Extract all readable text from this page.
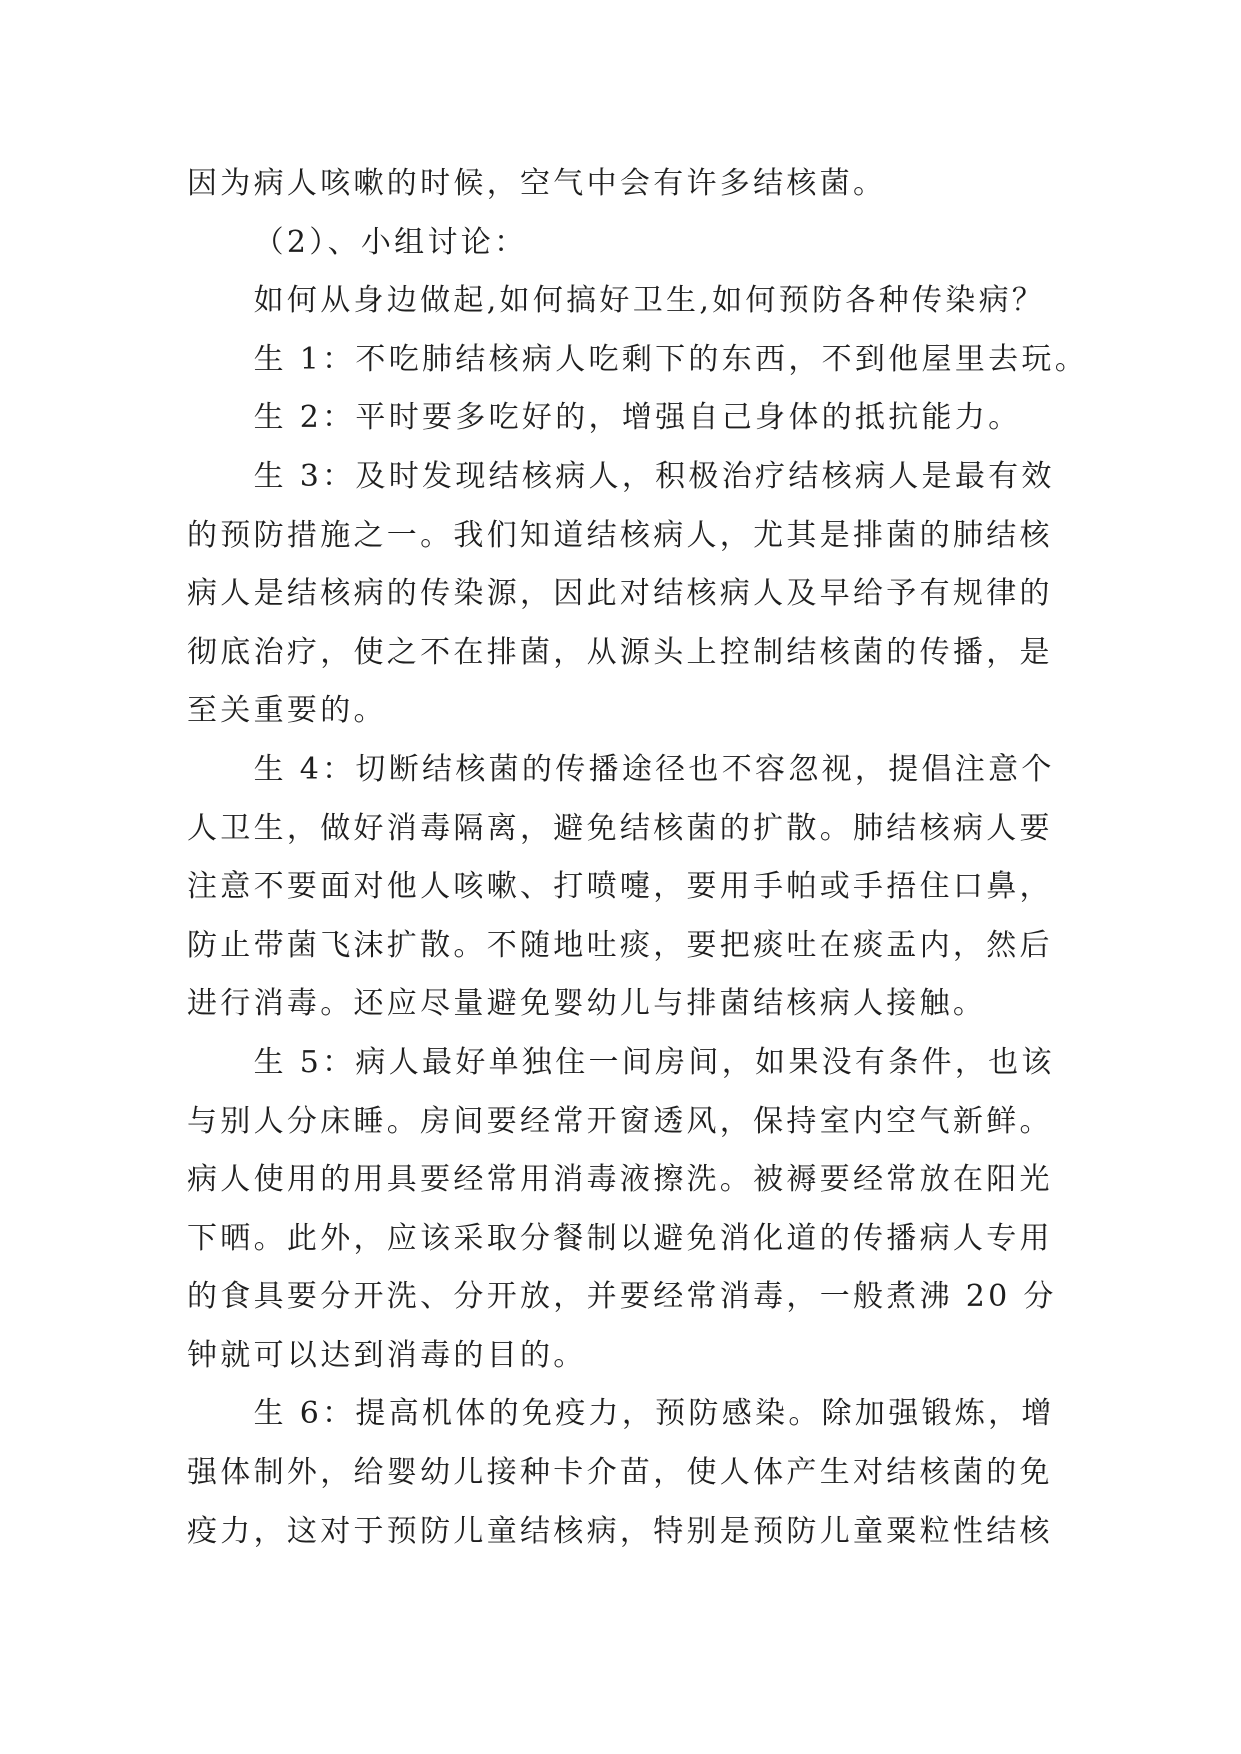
因为病人咳嗽的时候，空气中会有许多结核菌。
（2）、小组讨论：
如何从身边做起,如何搞好卫生,如何预防各种传染病？
生 1：不吃肺结核病人吃剩下的东西，不到他屋里去玩。
生 2：平时要多吃好的，增强自己身体的抵抗能力。
生 3：及时发现结核病人，积极治疗结核病人是最有效
的预防措施之一。我们知道结核病人，尤其是排菌的肺结核
病人是结核病的传染源，因此对结核病人及早给予有规律的
彻底治疗，使之不在排菌，从源头上控制结核菌的传播，是
至关重要的。
生 4：切断结核菌的传播途径也不容忽视，提倡注意个
人卫生，做好消毒隔离，避免结核菌的扩散。肺结核病人要
注意不要面对他人咳嗽、打喷嚏，要用手帕或手捂住口鼻，
防止带菌飞沫扩散。不随地吐痰，要把痰吐在痰盂内，然后
进行消毒。还应尽量避免婴幼儿与排菌结核病人接触。
生 5：病人最好单独住一间房间，如果没有条件，也该
与别人分床睡。房间要经常开窗透风，保持室内空气新鲜。
病人使用的用具要经常用消毒液擦洗。被褥要经常放在阳光
下晒。此外，应该采取分餐制以避免消化道的传播病人专用
的食具要分开洗、分开放，并要经常消毒，一般煮沸 20 分
钟就可以达到消毒的目的。
生 6：提高机体的免疫力，预防感染。除加强锻炼，增
强体制外，给婴幼儿接种卡介苗，使人体产生对结核菌的免
疫力，这对于预防儿童结核病，特别是预防儿童粟粒性结核
